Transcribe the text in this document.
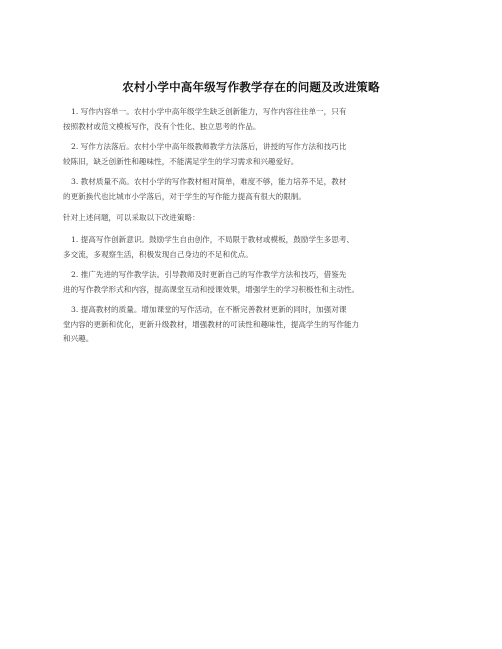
农村小学中高年级写作教学存在的问题及改进策略

1. 写作内容单一。农村小学中高年级学生缺乏创新能力，写作内容往往单一，只有
按照教材或范文模板写作，没有个性化、独立思考的作品。

2. 写作方法落后。农村小学中高年级教师教学方法落后，讲授的写作方法和技巧比
较陈旧，缺乏创新性和趣味性，不能满足学生的学习需求和兴趣爱好。

3. 教材质量不高。农村小学的写作教材相对简单，难度不够，能力培养不足，教材
的更新换代也比城市小学落后，对于学生的写作能力提高有很大的限制。

针对上述问题，可以采取以下改进策略：

1. 提高写作创新意识。鼓励学生自由创作，不局限于教材或模板，鼓励学生多思考、
多交流，多观察生活，积极发现自己身边的不足和优点。

2. 推广先进的写作教学法。引导教师及时更新自己的写作教学方法和技巧，借鉴先
进的写作教学形式和内容，提高课堂互动和授课效果，增强学生的学习积极性和主动性。

3. 提高教材的质量。增加课堂的写作活动，在不断完善教材更新的同时，加强对课
堂内容的更新和优化，更新升级教材，增强教材的可读性和趣味性，提高学生的写作能力
和兴趣。
